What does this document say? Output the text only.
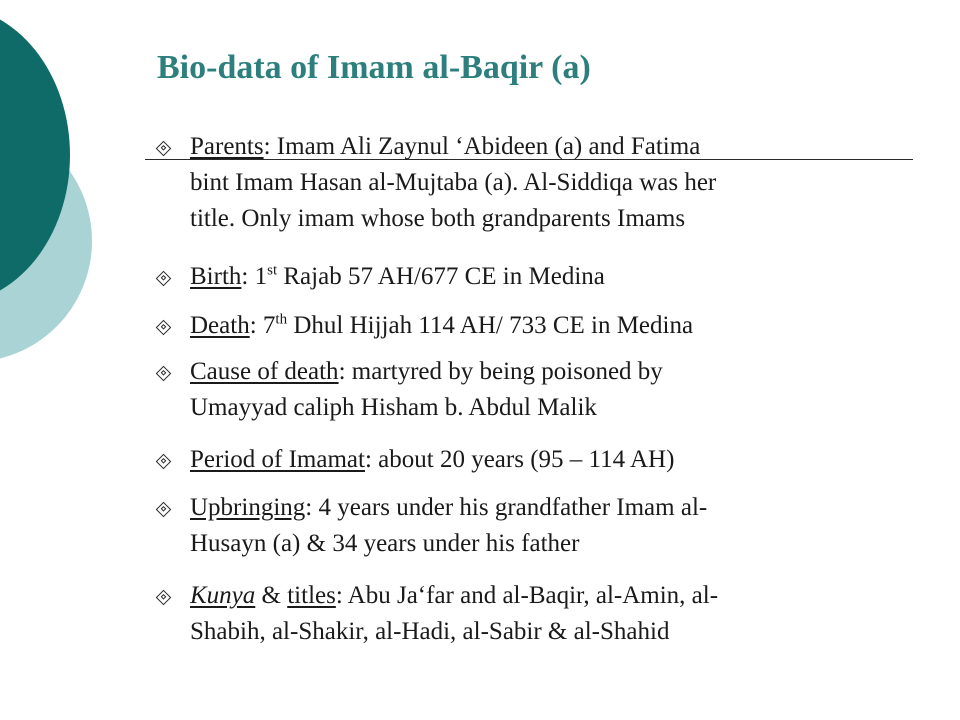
Bio-data of Imam al-Baqir (a)
Parents: Imam Ali Zaynul ‘Abideen (a) and Fatima
bint Imam Hasan al-Mujtaba (a). Al-Siddiqa was her
title. Only imam whose both grandparents Imams
Birth: 1st Rajab 57 AH/677 CE in Medina
Death: 7th Dhul Hijjah 114 AH/ 733 CE in Medina
Cause of death: martyred by being poisoned by
Umayyad caliph Hisham b. Abdul Malik
Period of Imamat: about 20 years (95 – 114 AH)
Upbringing: 4 years under his grandfather Imam al-
Husayn (a) & 34 years under his father
Kunya & titles: Abu Ja‘far and al-Baqir, al-Amin, al-
Shabih, al-Shakir, al-Hadi, al-Sabir & al-Shahid
